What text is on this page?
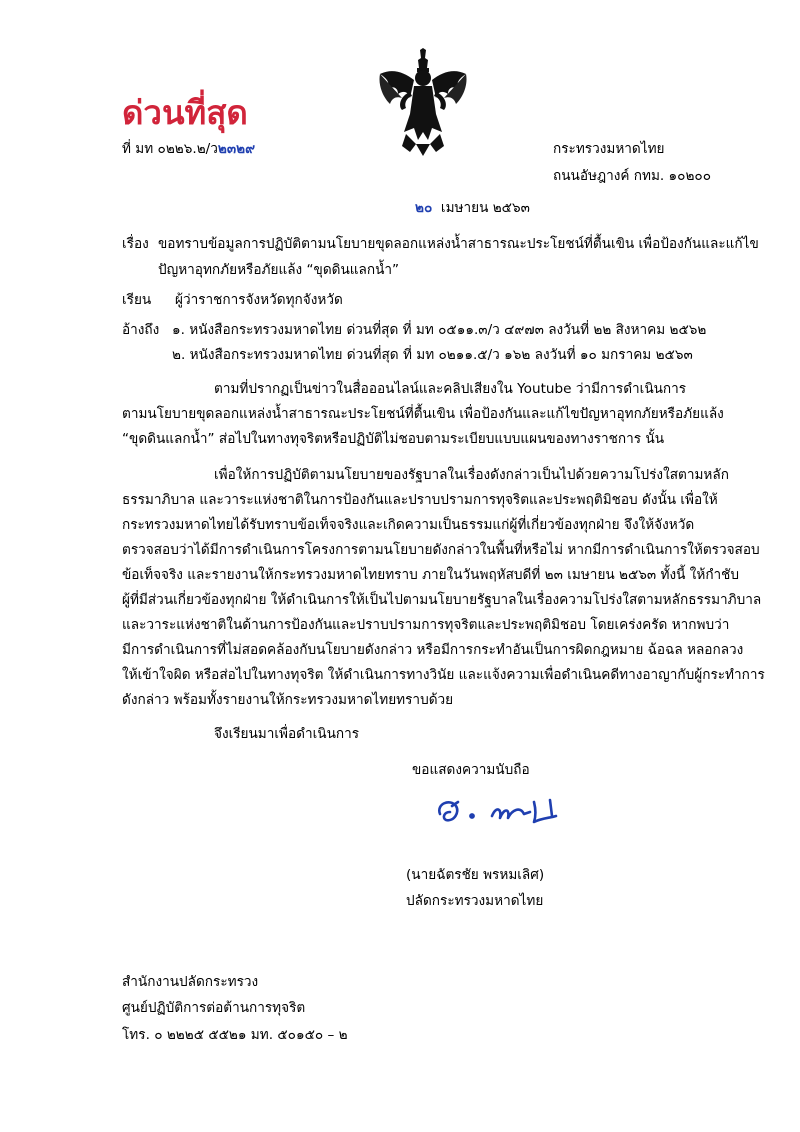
ด่วนที่สุด
ที่ มท ๐๒๒๖.๒/ว๒๓๒๙	กระทรวงมหาดไทย
ถนนอัษฎางค์ กทม. ๑๐๒๐๐
๒๐ เมษายน ๒๕๖๓
เรื่อง ขอทราบข้อมูลการปฏิบัติตามนโยบายขุดลอกแหล่งน้ำสาธารณะประโยชน์ที่ตื้นเขิน เพื่อป้องกันและแก้ไข
ปัญหาอุทกภัยหรือภัยแล้ง “ขุดดินแลกน้ำ”
เรียน ผู้ว่าราชการจังหวัดทุกจังหวัด
อ้างถึง ๑. หนังสือกระทรวงมหาดไทย ด่วนที่สุด ที่ มท ๐๕๑๑.๓/ว ๔๙๗๓ ลงวันที่ ๒๒ สิงหาคม ๒๕๖๒
๒. หนังสือกระทรวงมหาดไทย ด่วนที่สุด ที่ มท ๐๒๑๑.๕/ว ๑๖๒ ลงวันที่ ๑๐ มกราคม ๒๕๖๓
ตามที่ปรากฏเป็นข่าวในสื่อออนไลน์และคลิปเสียงใน Youtube ว่ามีการดำเนินการ
ตามนโยบายขุดลอกแหล่งน้ำสาธารณะประโยชน์ที่ตื้นเขิน เพื่อป้องกันและแก้ไขปัญหาอุทกภัยหรือภัยแล้ง
“ขุดดินแลกน้ำ” ส่อไปในทางทุจริตหรือปฏิบัติไม่ชอบตามระเบียบแบบแผนของทางราชการ นั้น
เพื่อให้การปฏิบัติตามนโยบายของรัฐบาลในเรื่องดังกล่าวเป็นไปด้วยความโปร่งใสตามหลัก
ธรรมาภิบาล และวาระแห่งชาติในการป้องกันและปราบปรามการทุจริตและประพฤติมิชอบ ดังนั้น เพื่อให้
กระทรวงมหาดไทยได้รับทราบข้อเท็จจริงและเกิดความเป็นธรรมแก่ผู้ที่เกี่ยวข้องทุกฝ่าย จึงให้จังหวัด
ตรวจสอบว่าได้มีการดำเนินการโครงการตามนโยบายดังกล่าวในพื้นที่หรือไม่ หากมีการดำเนินการให้ตรวจสอบ
ข้อเท็จจริง และรายงานให้กระทรวงมหาดไทยทราบ ภายในวันพฤหัสบดีที่ ๒๓ เมษายน ๒๕๖๓ ทั้งนี้ ให้กำชับ
ผู้ที่มีส่วนเกี่ยวข้องทุกฝ่าย ให้ดำเนินการให้เป็นไปตามนโยบายรัฐบาลในเรื่องความโปร่งใสตามหลักธรรมาภิบาล
และวาระแห่งชาติในด้านการป้องกันและปราบปรามการทุจริตและประพฤติมิชอบ โดยเคร่งครัด หากพบว่า
มีการดำเนินการที่ไม่สอดคล้องกับนโยบายดังกล่าว หรือมีการกระทำอันเป็นการผิดกฎหมาย ฉ้อฉล หลอกลวง
ให้เข้าใจผิด หรือส่อไปในทางทุจริต ให้ดำเนินการทางวินัย และแจ้งความเพื่อดำเนินคดีทางอาญากับผู้กระทำการ
ดังกล่าว พร้อมทั้งรายงานให้กระทรวงมหาดไทยทราบด้วย
จึงเรียนมาเพื่อดำเนินการ
ขอแสดงความนับถือ
(นายฉัตรชัย พรหมเลิศ)
ปลัดกระทรวงมหาดไทย
สำนักงานปลัดกระทรวง
ศูนย์ปฏิบัติการต่อต้านการทุจริต
โทร. ๐ ๒๒๒๕ ๕๕๒๑ มท. ๕๐๑๕๐ – ๒
